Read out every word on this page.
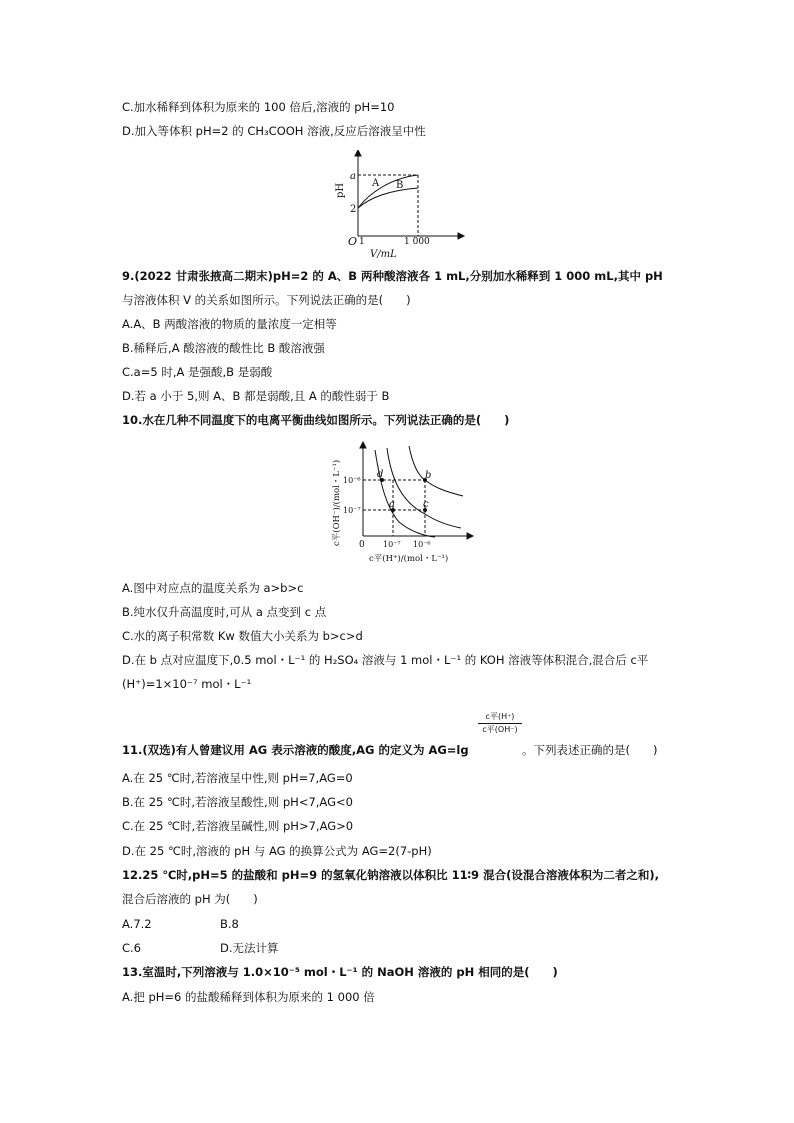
C.加水稀释到体积为原来的 100 倍后,溶液的 pH=10
D.加入等体积 pH=2 的 CH₃COOH 溶液,反应后溶液呈中性
pH
a
2
A B
O 1	1 000
V/mL
9.(2022 甘肃张掖高二期末)pH=2 的 A、B 两种酸溶液各 1 mL,分别加水稀释到 1 000 mL,其中 pH
与溶液体积 V 的关系如图所示。下列说法正确的是(　　)
A.A、B 两酸溶液的物质的量浓度一定相等
B.稀释后,A 酸溶液的酸性比 B 酸溶液强
C.a=5 时,A 是强酸,B 是弱酸
D.若 a 小于 5,则 A、B 都是弱酸,且 A 的酸性弱于 B
10.水在几种不同温度下的电离平衡曲线如图所示。下列说法正确的是(　　)
c平(OH⁻)/(mol・L⁻¹) 10⁻⁶
10⁻⁷
d	b
a	c
0 10⁻⁷ 10⁻⁶
c平(H⁺)/(mol・L⁻¹)
A.图中对应点的温度关系为 a>b>c
B.纯水仅升高温度时,可从 a 点变到 c 点
C.水的离子积常数 Kw 数值大小关系为 b>c>d
D.在 b 点对应温度下,0.5 mol・L⁻¹ 的 H₂SO₄ 溶液与 1 mol・L⁻¹ 的 KOH 溶液等体积混合,混合后 c平
(H⁺)=1×10⁻⁷ mol・L⁻¹
11.(双选)有人曾建议用 AG 表示溶液的酸度,AG 的定义为 AG=lg
c平(H⁺)
c平(OH⁻)
。下列表述正确的是(　　)
A.在 25 ℃时,若溶液呈中性,则 pH=7,AG=0
B.在 25 ℃时,若溶液呈酸性,则 pH<7,AG<0
C.在 25 ℃时,若溶液呈碱性,则 pH>7,AG>0
D.在 25 ℃时,溶液的 pH 与 AG 的换算公式为 AG=2(7-pH)
12.25 ℃时,pH=5 的盐酸和 pH=9 的氢氧化钠溶液以体积比 11∶9 混合(设混合溶液体积为二者之和),
混合后溶液的 pH 为(　　)
A.7.2	B.8
C.6	D.无法计算
13.室温时,下列溶液与 1.0×10⁻⁵ mol・L⁻¹ 的 NaOH 溶液的 pH 相同的是(　　)
A.把 pH=6 的盐酸稀释到体积为原来的 1 000 倍
